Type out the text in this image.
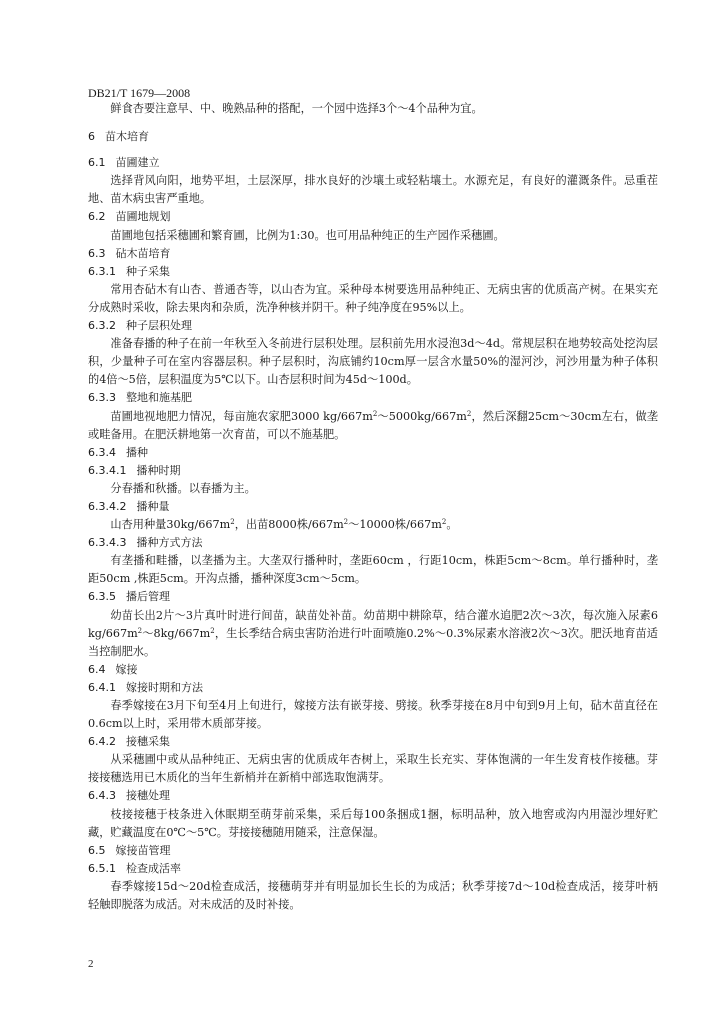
DB21/T 1679—2008

鲜食杏要注意早、中、晚熟品种的搭配，一个园中选择3个～4个品种为宜。

6 苗木培育
6.1 苗圃建立

选择背风向阳，地势平坦，土层深厚，排水良好的沙壤土或轻粘壤土。水源充足，有良好的灌溉条件。忌重茬地、苗木病虫害严重地。

6.2 苗圃地规划

苗圃地包括采穗圃和繁育圃，比例为1:30。也可用品种纯正的生产园作采穗圃。

6.3 砧木苗培育
6.3.1 种子采集

常用杏砧木有山杏、普通杏等，以山杏为宜。采种母本树要选用品种纯正、无病虫害的优质高产树。在果实充分成熟时采收，除去果肉和杂质，洗净种核并阴干。种子纯净度在95%以上。

6.3.2 种子层积处理

准备春播的种子在前一年秋至入冬前进行层积处理。层积前先用水浸泡3d～4d。常规层积在地势较高处挖沟层积，少量种子可在室内容器层积。种子层积时，沟底铺约10cm厚一层含水量50%的湿河沙，河沙用量为种子体积的4倍～5倍，层积温度为5℃以下。山杏层积时间为45d～100d。

6.3.3 整地和施基肥

苗圃地视地肥力情况，每亩施农家肥3000 $kg/667m^2\sim 5000kg/667m^2$，然后深翻25cm～30cm左右，做垄或畦备用。在肥沃耕地第一次育苗，可以不施基肥。

6.3.4 播种
6.3.4.1 播种时期

分春播和秋播。以春播为主。

6.3.4.2 播种量

山杏用种量$30kg/667m^2$，出苗8000株$/667m^2\sim 10000$株$/667m^2$。

6.3.4.3 播种方式方法

有垄播和畦播，以垄播为主。大垄双行播种时，垄距60cm ，行距10cm，株距5cm～8cm。单行播种时，垄距50cm ,株距5cm。开沟点播，播种深度3cm～5cm。

6.3.5 播后管理

幼苗长出2片～3片真叶时进行间苗，缺苗处补苗。幼苗期中耕除草，结合灌水追肥2次～3次，每次施入尿素6 $kg/667m^2\sim 8kg/667m^2$，生长季结合病虫害防治进行叶面喷施0.2%～0.3%尿素水溶液2次～3次。肥沃地育苗适当控制肥水。

6.4 嫁接
6.4.1 嫁接时期和方法

春季嫁接在3月下旬至4月上旬进行，嫁接方法有嵌芽接、劈接。秋季芽接在8月中旬到9月上旬，砧木苗直径在0.6cm以上时，采用带木质部芽接。

6.4.2 接穗采集

从采穗圃中或从品种纯正、无病虫害的优质成年杏树上，采取生长充实、芽体饱满的一年生发育枝作接穗。芽接接穗选用已木质化的当年生新梢并在新梢中部选取饱满芽。

6.4.3 接穗处理

枝接接穗于枝条进入休眠期至萌芽前采集，采后每100条捆成1捆，标明品种，放入地窖或沟内用湿沙埋好贮藏，贮藏温度在0℃～5℃。芽接接穗随用随采，注意保湿。

6.5 嫁接苗管理
6.5.1 检查成活率

春季嫁接15d～20d检查成活，接穗萌芽并有明显加长生长的为成活；秋季芽接7d～10d检查成活，接芽叶柄轻触即脱落为成活。对未成活的及时补接。

2
